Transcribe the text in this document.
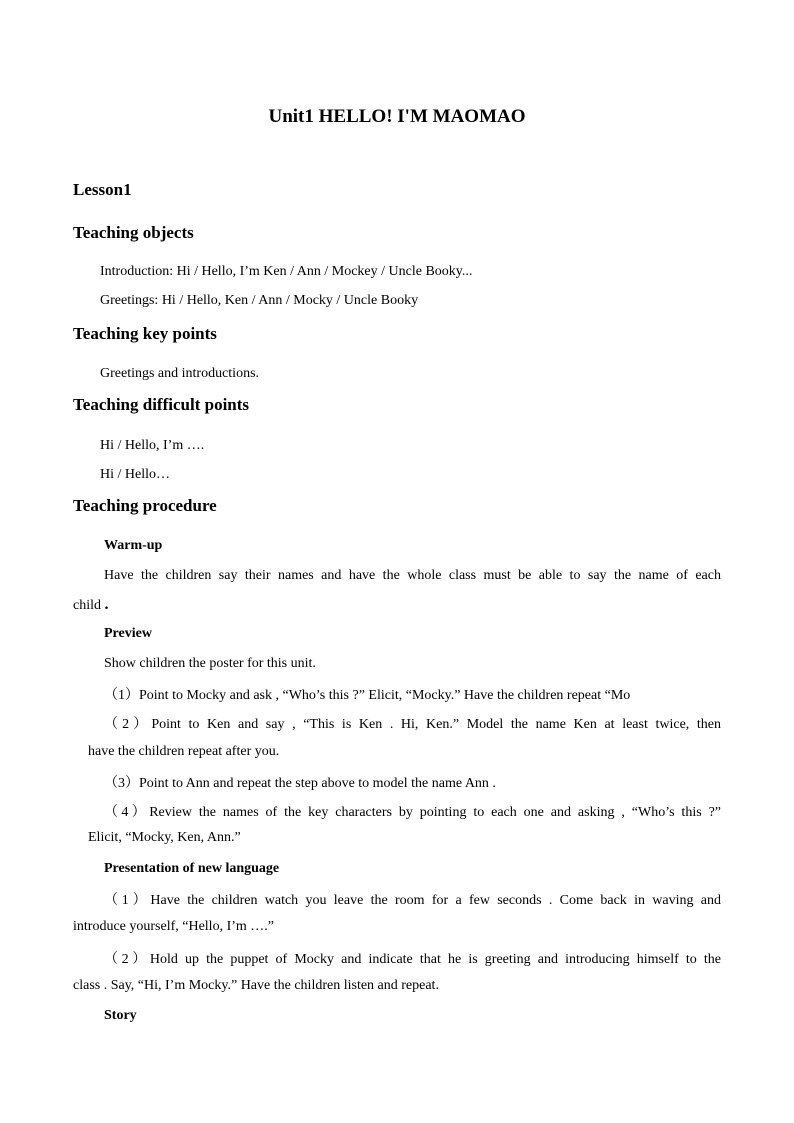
Unit1 HELLO! I'M MAOMAO
Lesson1
Teaching objects
Introduction: Hi / Hello, I’m Ken / Ann / Mockey / Uncle Booky...
Greetings: Hi / Hello, Ken / Ann / Mocky / Uncle Booky
Teaching key points
Greetings and introductions.
Teaching difficult points
Hi / Hello, I’m ….
Hi / Hello…
Teaching procedure
Warm-up
Have the children say their names and have the whole class must be able to say the name of each
child .
Preview
Show children the poster for this unit.
（1）Point to Mocky and ask , “Who’s this ?” Elicit, “Mocky.” Have the children repeat “Mo
（2）Point to Ken and say , “This is Ken . Hi, Ken.” Model the name Ken at least twice, then
have the children repeat after you.
（3）Point to Ann and repeat the step above to model the name Ann .
（4）Review the names of the key characters by pointing to each one and asking , “Who’s this ?”
Elicit, “Mocky, Ken, Ann.”
Presentation of new language
（1）Have the children watch you leave the room for a few seconds . Come back in waving and
introduce yourself, “Hello, I’m ….”
（2）Hold up the puppet of Mocky and indicate that he is greeting and introducing himself to the
class . Say, “Hi, I’m Mocky.” Have the children listen and repeat.
Story
